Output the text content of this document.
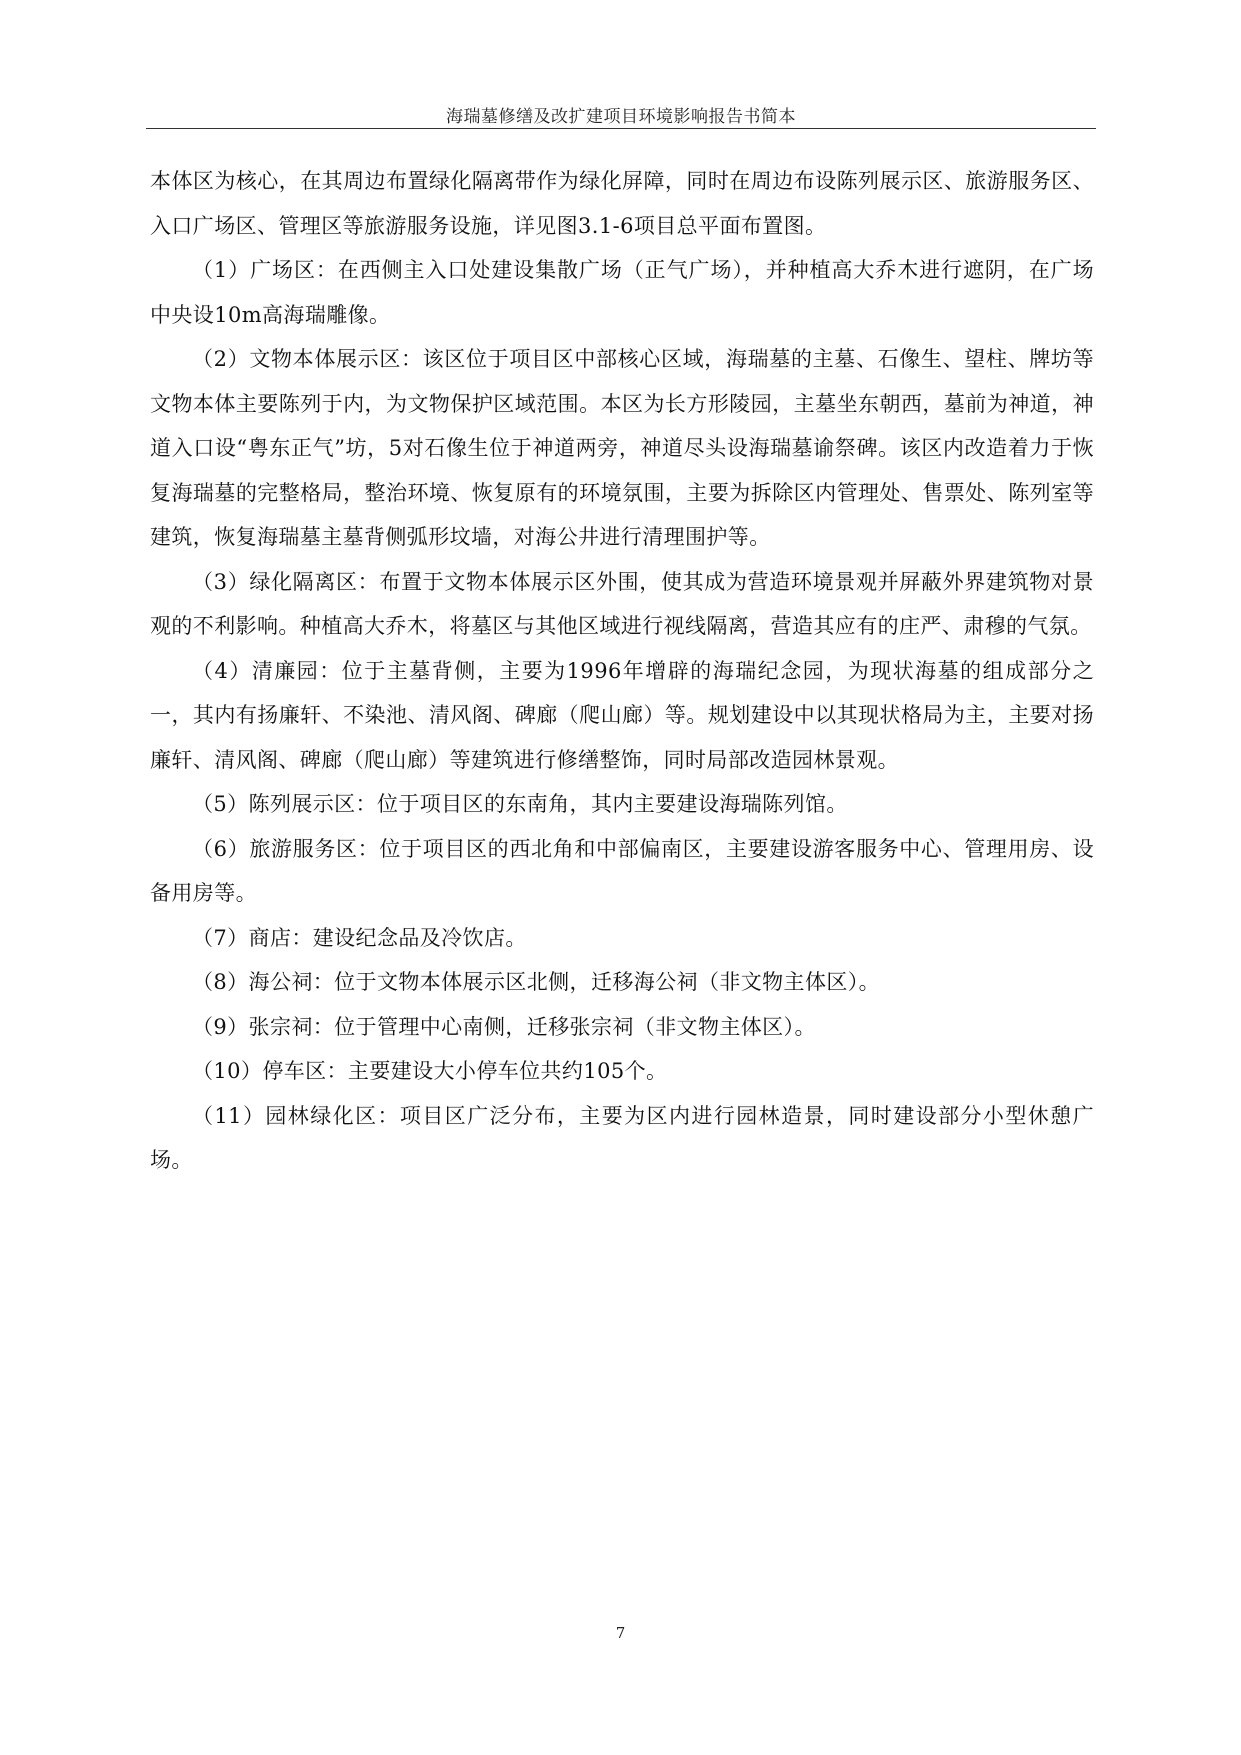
海瑞墓修缮及改扩建项目环境影响报告书简本

本体区为核心，在其周边布置绿化隔离带作为绿化屏障，同时在周边布设陈列展示区、旅游服务区、入口广场区、管理区等旅游服务设施，详见图3.1-6项目总平面布置图。

（1）广场区：在西侧主入口处建设集散广场（正气广场），并种植高大乔木进行遮阴，在广场中央设10m高海瑞雕像。

（2）文物本体展示区：该区位于项目区中部核心区域，海瑞墓的主墓、石像生、望柱、牌坊等文物本体主要陈列于内，为文物保护区域范围。本区为长方形陵园，主墓坐东朝西，墓前为神道，神道入口设“粤东正气”坊，5对石像生位于神道两旁，神道尽头设海瑞墓谕祭碑。该区内改造着力于恢复海瑞墓的完整格局，整治环境、恢复原有的环境氛围，主要为拆除区内管理处、售票处、陈列室等建筑，恢复海瑞墓主墓背侧弧形坟墙，对海公井进行清理围护等。

（3）绿化隔离区：布置于文物本体展示区外围，使其成为营造环境景观并屏蔽外界建筑物对景观的不利影响。种植高大乔木，将墓区与其他区域进行视线隔离，营造其应有的庄严、肃穆的气氛。

（4）清廉园：位于主墓背侧，主要为1996年增辟的海瑞纪念园，为现状海墓的组成部分之一，其内有扬廉轩、不染池、清风阁、碑廊（爬山廊）等。规划建设中以其现状格局为主，主要对扬廉轩、清风阁、碑廊（爬山廊）等建筑进行修缮整饰，同时局部改造园林景观。

（5）陈列展示区：位于项目区的东南角，其内主要建设海瑞陈列馆。

（6）旅游服务区：位于项目区的西北角和中部偏南区，主要建设游客服务中心、管理用房、设备用房等。

（7）商店：建设纪念品及冷饮店。

（8）海公祠：位于文物本体展示区北侧，迁移海公祠（非文物主体区）。

（9）张宗祠：位于管理中心南侧，迁移张宗祠（非文物主体区）。

（10）停车区：主要建设大小停车位共约105个。

（11）园林绿化区：项目区广泛分布，主要为区内进行园林造景，同时建设部分小型休憩广场。

7
